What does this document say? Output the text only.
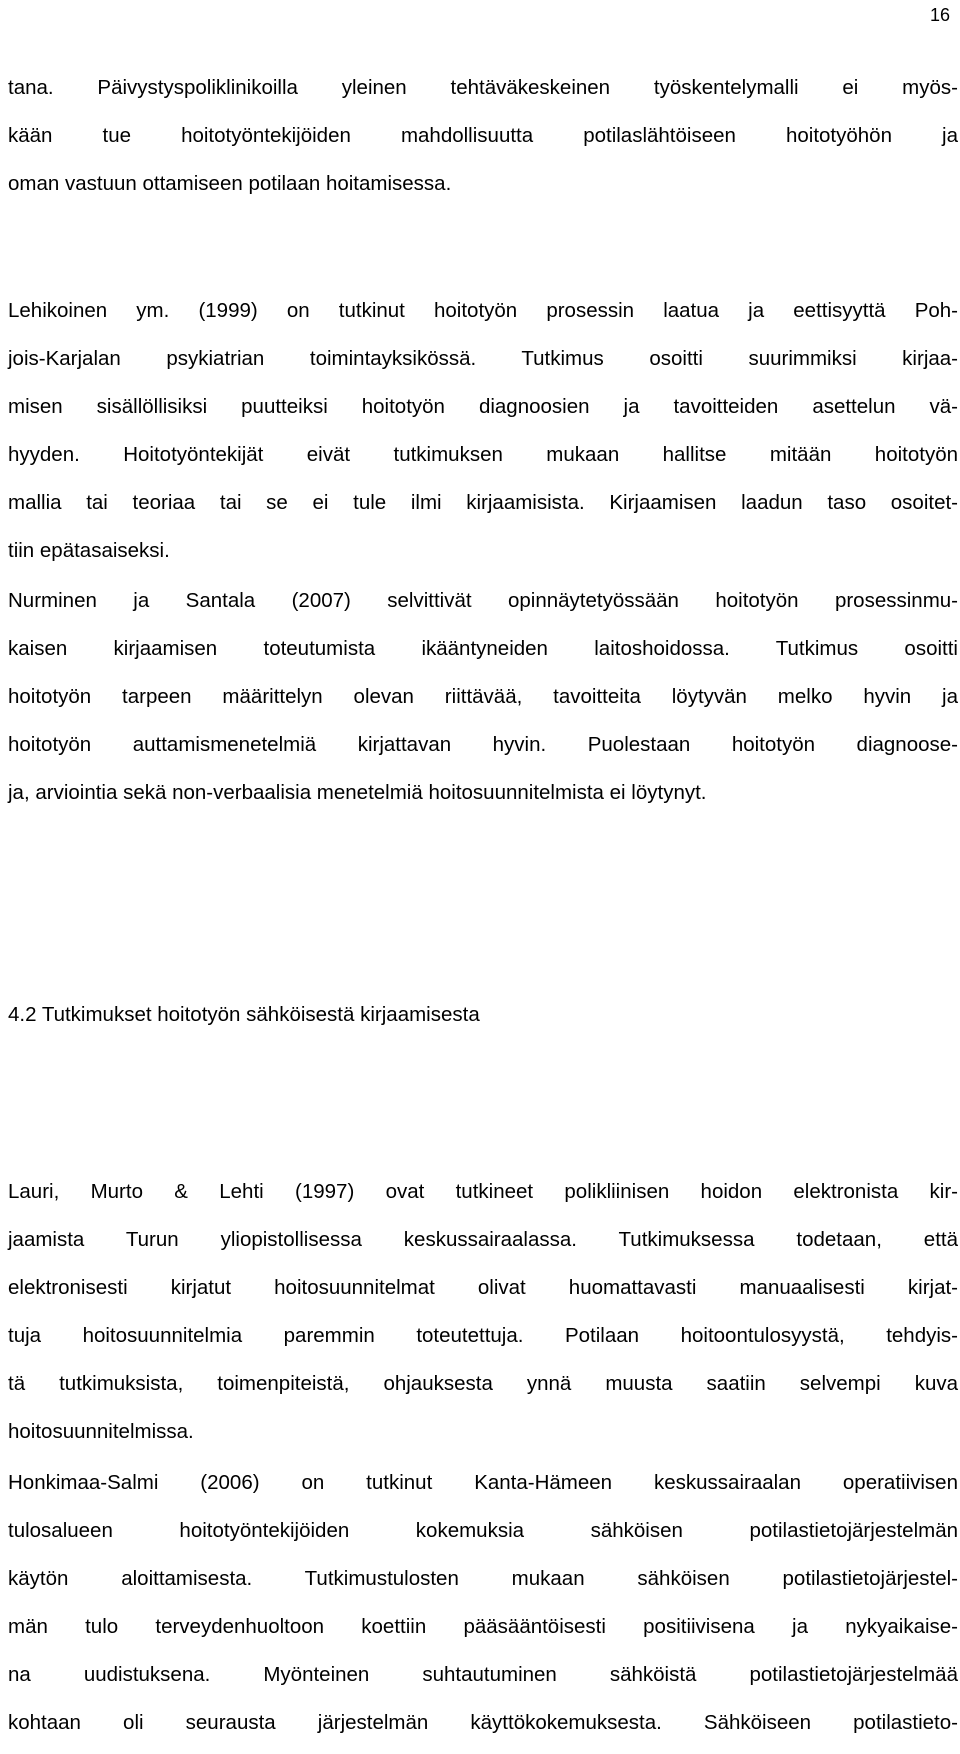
16
tana. Päivystyspoliklinikoilla yleinen tehtäväkeskeinen työskentelymalli ei myös-
kään tue hoitotyöntekijöiden mahdollisuutta potilaslähtöiseen hoitotyöhön ja
oman vastuun ottamiseen potilaan hoitamisessa.
Lehikoinen ym. (1999) on tutkinut hoitotyön prosessin laatua ja eettisyyttä Poh-
jois-Karjalan psykiatrian toimintayksikössä. Tutkimus osoitti suurimmiksi kirjaa-
misen sisällöllisiksi puutteiksi hoitotyön diagnoosien ja tavoitteiden asettelun vä-
hyyden. Hoitotyöntekijät eivät tutkimuksen mukaan hallitse mitään hoitotyön
mallia tai teoriaa tai se ei tule ilmi kirjaamisista. Kirjaamisen laadun taso osoitet-
tiin epätasaiseksi.
Nurminen ja Santala (2007) selvittivät opinnäytetyössään hoitotyön prosessinmu-
kaisen kirjaamisen toteutumista ikääntyneiden laitoshoidossa. Tutkimus osoitti
hoitotyön tarpeen määrittelyn olevan riittävää, tavoitteita löytyvän melko hyvin ja
hoitotyön auttamismenetelmiä kirjattavan hyvin. Puolestaan hoitotyön diagnoose-
ja, arviointia sekä non-verbaalisia menetelmiä hoitosuunnitelmista ei löytynyt.
4.2 Tutkimukset hoitotyön sähköisestä kirjaamisesta
Lauri, Murto & Lehti (1997) ovat tutkineet polikliinisen hoidon elektronista kir-
jaamista Turun yliopistollisessa keskussairaalassa. Tutkimuksessa todetaan, että
elektronisesti kirjatut hoitosuunnitelmat olivat huomattavasti manuaalisesti kirjat-
tuja hoitosuunnitelmia paremmin toteutettuja. Potilaan hoitoontulosyystä, tehdyis-
tä tutkimuksista, toimenpiteistä, ohjauksesta ynnä muusta saatiin selvempi kuva
hoitosuunnitelmissa.
Honkimaa-Salmi (2006) on tutkinut Kanta-Hämeen keskussairaalan operatiivisen
tulosalueen hoitotyöntekijöiden kokemuksia sähköisen potilastietojärjestelmän
käytön aloittamisesta. Tutkimustulosten mukaan sähköisen potilastietojärjestel-
män tulo terveydenhuoltoon koettiin pääsääntöisesti positiivisena ja nykyaikaise-
na uudistuksena. Myönteinen suhtautuminen sähköistä potilastietojärjestelmää
kohtaan oli seurausta järjestelmän käyttökokemuksesta. Sähköiseen potilastieto-
